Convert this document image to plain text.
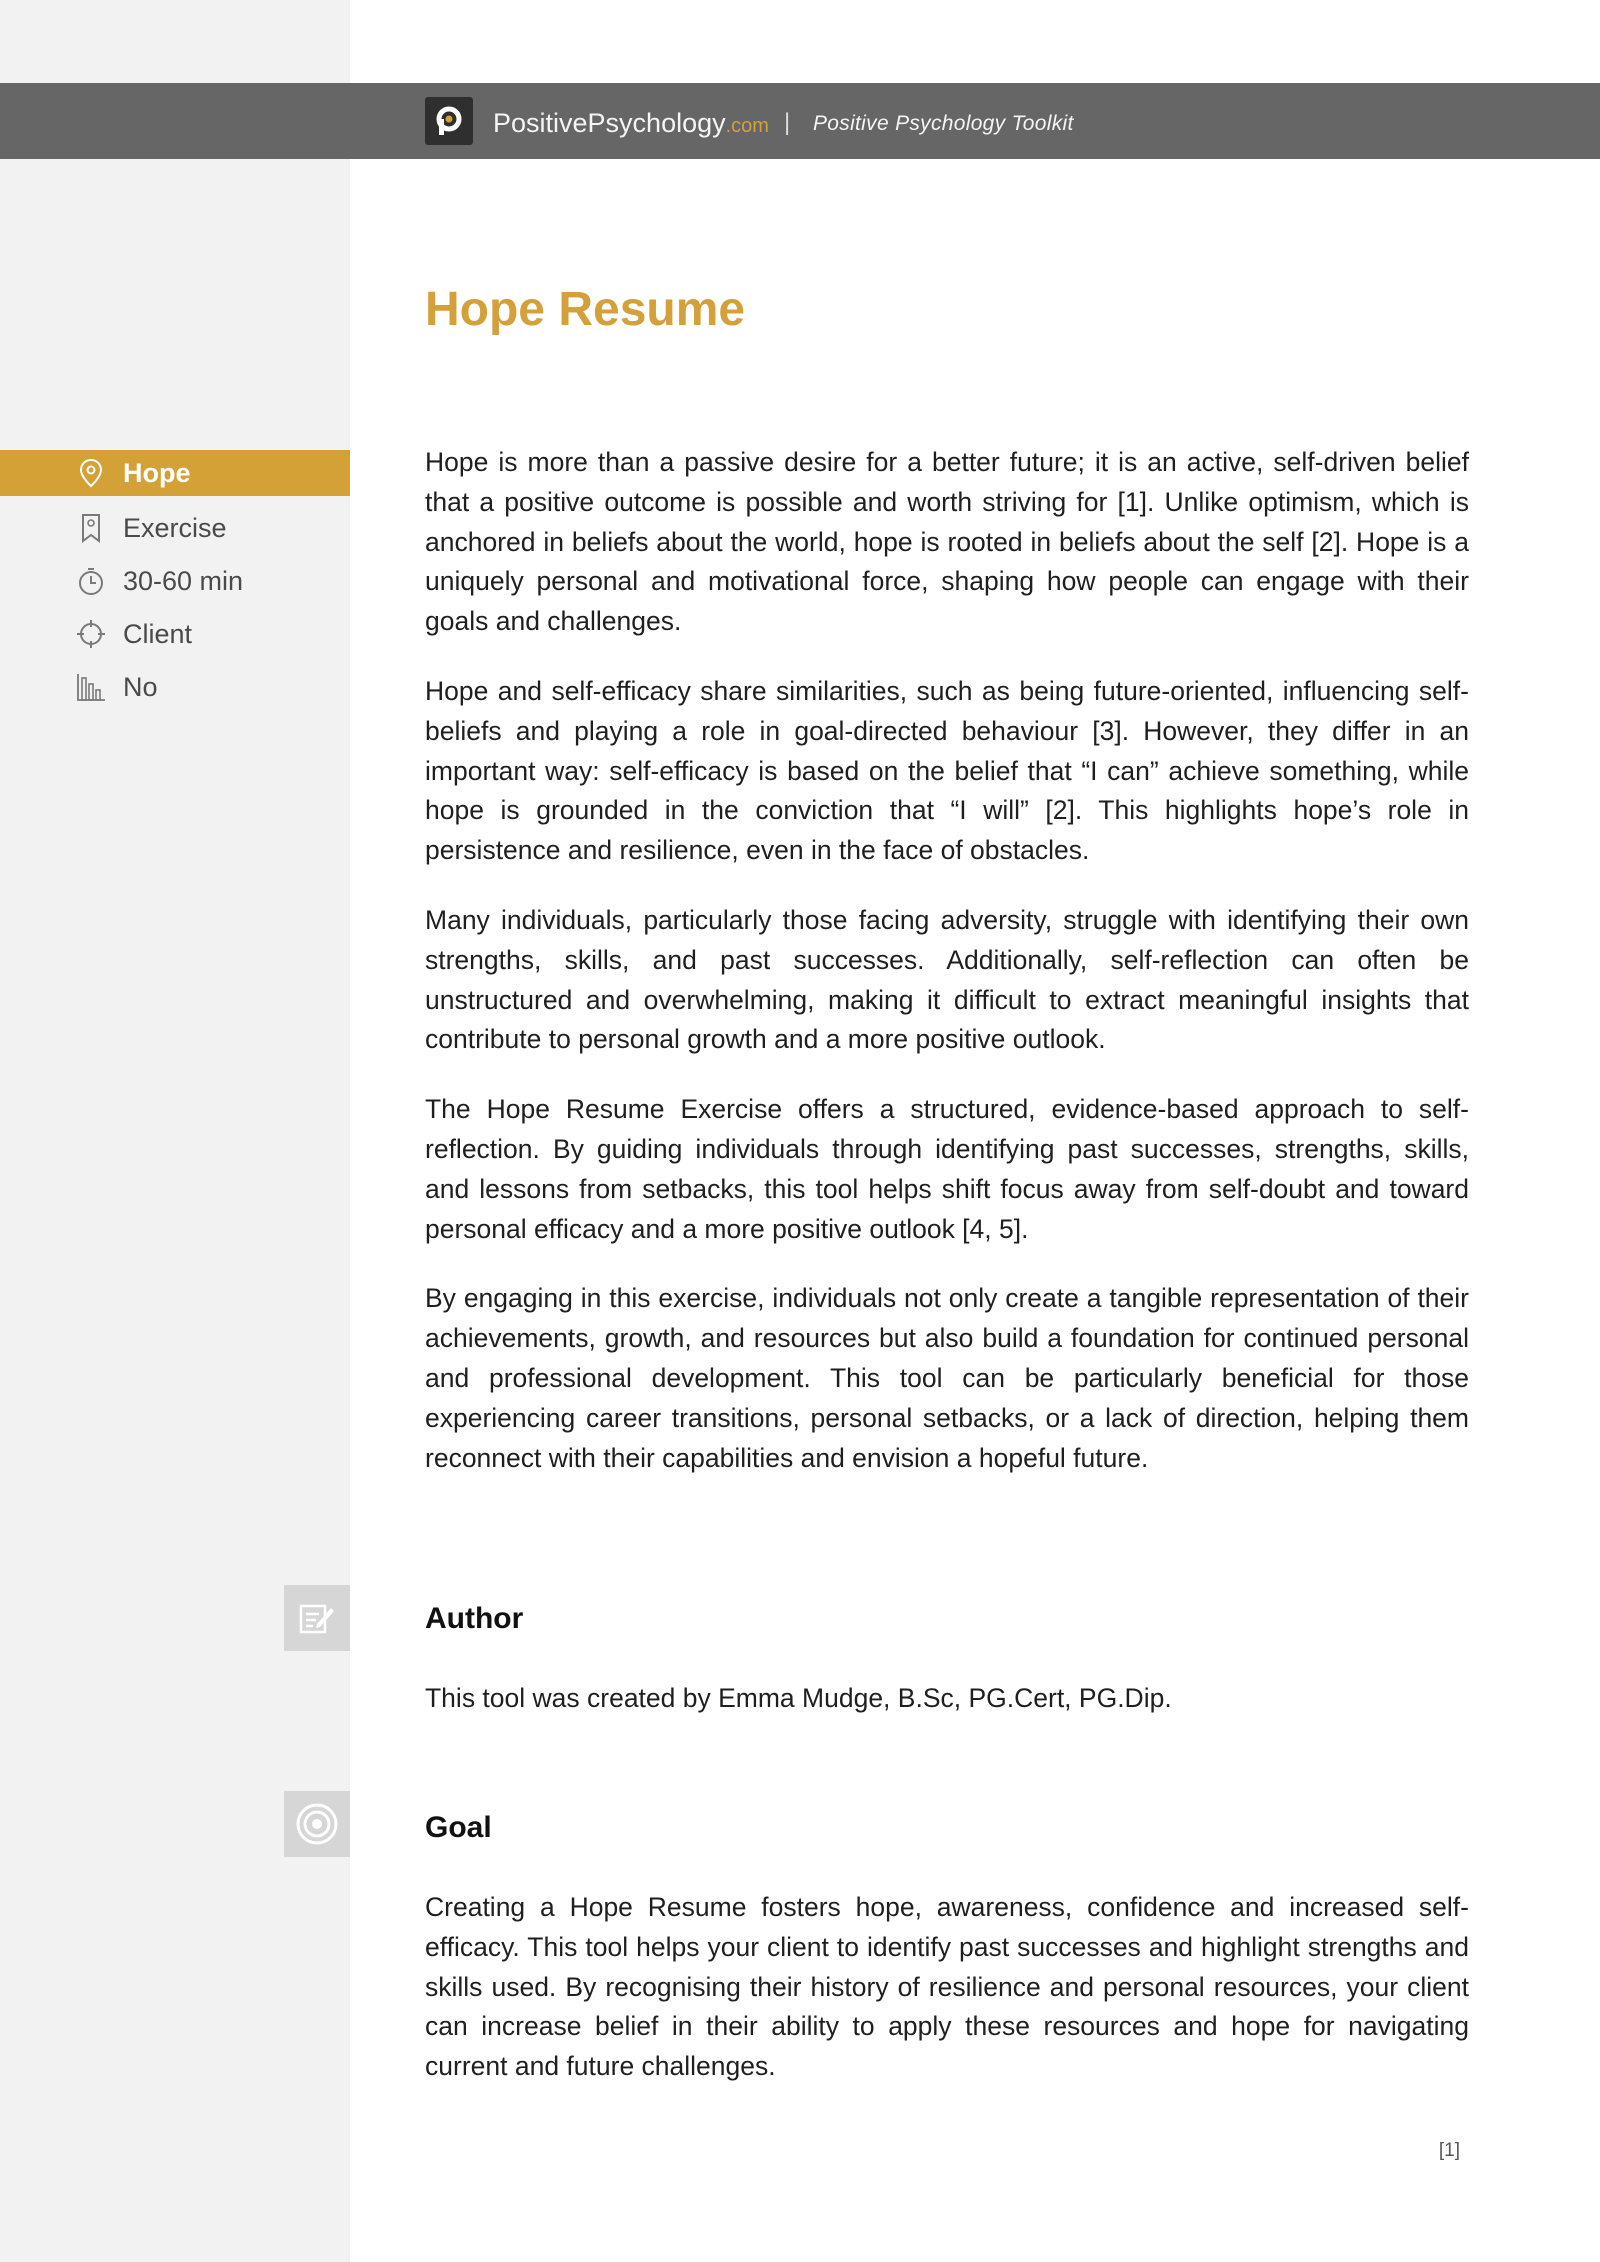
PositivePsychology.com | Positive Psychology Toolkit
Hope Resume
Hope
Exercise
30-60 min
Client
No

Hope is more than a passive desire for a better future; it is an active, self-driven belief that a positive outcome is possible and worth striving for [1]. Unlike optimism, which is anchored in beliefs about the world, hope is rooted in beliefs about the self [2]. Hope is a uniquely personal and motivational force, shaping how people can engage with their goals and challenges.

Hope and self-efficacy share similarities, such as being future-oriented, influencing self-beliefs and playing a role in goal-directed behaviour [3]. However, they differ in an important way: self-efficacy is based on the belief that “I can” achieve something, while hope is grounded in the conviction that “I will” [2]. This highlights hope’s role in persistence and resilience, even in the face of obstacles.

Many individuals, particularly those facing adversity, struggle with identifying their own strengths, skills, and past successes. Additionally, self-reflection can often be unstructured and overwhelming, making it difficult to extract meaningful insights that contribute to personal growth and a more positive outlook.

The Hope Resume Exercise offers a structured, evidence-based approach to self-reflection. By guiding individuals through identifying past successes, strengths, skills, and lessons from setbacks, this tool helps shift focus away from self-doubt and toward personal efficacy and a more positive outlook [4, 5].

By engaging in this exercise, individuals not only create a tangible representation of their achievements, growth, and resources but also build a foundation for continued personal and professional development. This tool can be particularly beneficial for those experiencing career transitions, personal setbacks, or a lack of direction, helping them reconnect with their capabilities and envision a hopeful future.

Author

This tool was created by Emma Mudge, B.Sc, PG.Cert, PG.Dip.

Goal

Creating a Hope Resume fosters hope, awareness, confidence and increased self-efficacy. This tool helps your client to identify past successes and highlight strengths and skills used. By recognising their history of resilience and personal resources, your client can increase belief in their ability to apply these resources and hope for navigating current and future challenges.

[1]
